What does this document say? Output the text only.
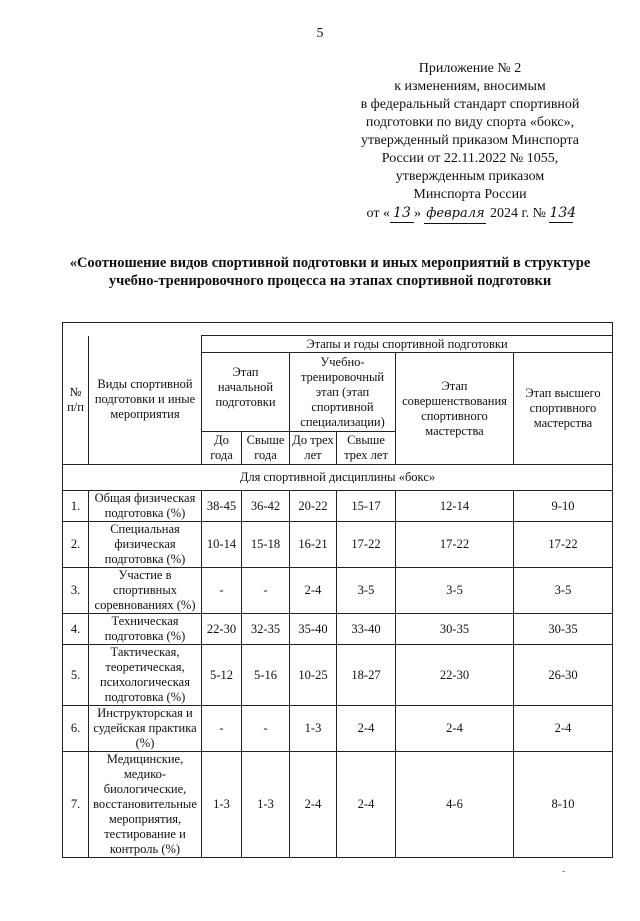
5
Приложение № 2
к изменениям, вносимым
в федеральный стандарт спортивной
подготовки по виду спорта «бокс»,
утвержденный приказом Минспорта
России от 22.11.2022 № 1055,
утвержденным приказом
Минспорта России
от « 13 » февраля 2024 г. № 134
«Соотношение видов спортивной подготовки и иных мероприятий в структуре учебно-тренировочного процесса на этапах спортивной подготовки

№ п/п	Виды спортивной подготовки и иные мероприятия	Этапы и годы спортивной подготовки					
		Этап начальной подготовки		Учебно-тренировочный этап (этап спортивной специализации)		Этап совершенствования спортивного мастерства	Этап высшего спортивного мастерства
		До года	Свыше года	До трех лет	Свыше трех лет		
Для спортивной дисциплины «бокс»							
1.	Общая физическая подготовка (%)	38-45	36-42	20-22	15-17	12-14	9-10
2.	Специальная физическая подготовка (%)	10-14	15-18	16-21	17-22	17-22	17-22
3.	Участие в спортивных соревнованиях (%)	-	-	2-4	3-5	3-5	3-5
4.	Техническая подготовка (%)	22-30	32-35	35-40	33-40	30-35	30-35
5.	Тактическая, теоретическая, психологическая подготовка (%)	5-12	5-16	10-25	18-27	22-30	26-30
6.	Инструкторская и судейская практика (%)	-	-	1-3	2-4	2-4	2-4
7.	Медицинские, медико-биологические, восстановительные мероприятия, тестирование и контроль (%)	1-3	1-3	2-4	2-4	4-6	8-10
-
